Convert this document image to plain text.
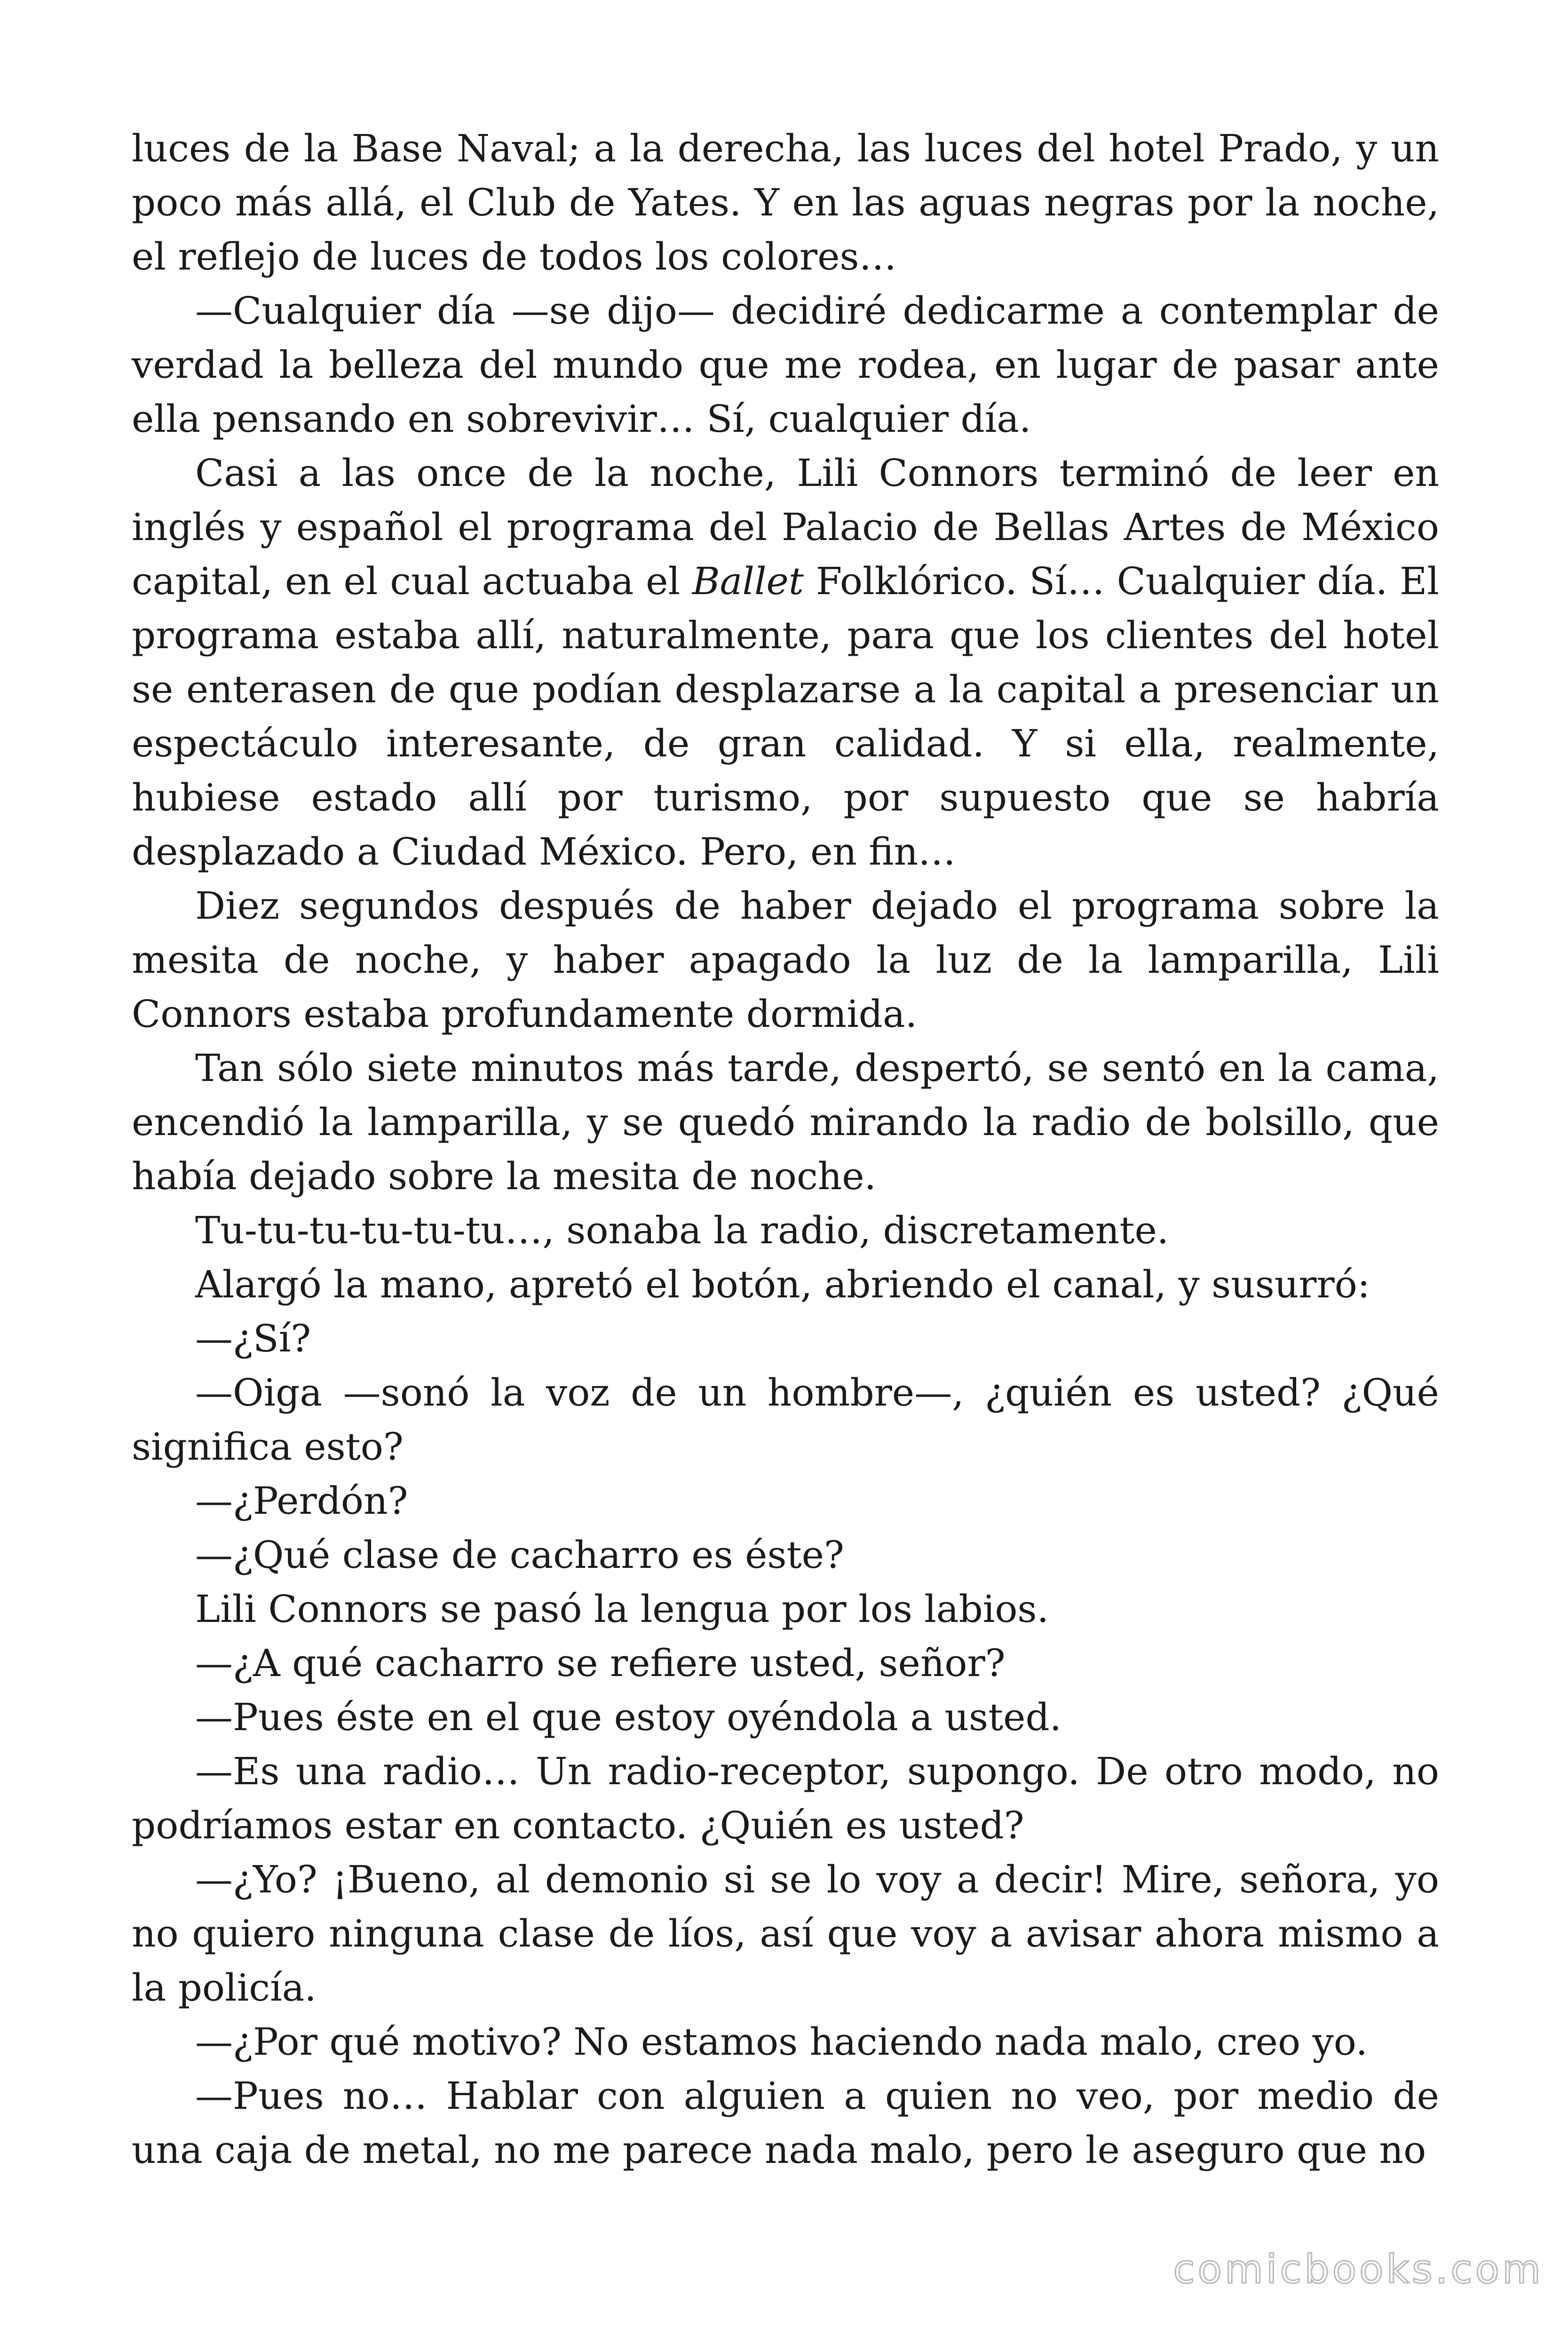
luces de la Base Naval; a la derecha, las luces del hotel Prado, y un poco más allá, el Club de Yates. Y en las aguas negras por la noche, el reflejo de luces de todos los colores…

—Cualquier día —se dijo— decidiré dedicarme a contemplar de verdad la belleza del mundo que me rodea, en lugar de pasar ante ella pensando en sobrevivir… Sí, cualquier día.

Casi a las once de la noche, Lili Connors terminó de leer en inglés y español el programa del Palacio de Bellas Artes de México capital, en el cual actuaba el Ballet Folklórico. Sí… Cualquier día. El programa estaba allí, naturalmente, para que los clientes del hotel se enterasen de que podían desplazarse a la capital a presenciar un espectáculo interesante, de gran calidad. Y si ella, realmente, hubiese estado allí por turismo, por supuesto que se habría desplazado a Ciudad México. Pero, en fin…

Diez segundos después de haber dejado el programa sobre la mesita de noche, y haber apagado la luz de la lamparilla, Lili Connors estaba profundamente dormida.

Tan sólo siete minutos más tarde, despertó, se sentó en la cama, encendió la lamparilla, y se quedó mirando la radio de bolsillo, que había dejado sobre la mesita de noche.

Tu-tu-tu-tu-tu-tu…, sonaba la radio, discretamente.

Alargó la mano, apretó el botón, abriendo el canal, y susurró:

—¿Sí?

—Oiga —sonó la voz de un hombre—, ¿quién es usted? ¿Qué significa esto?

—¿Perdón?

—¿Qué clase de cacharro es éste?

Lili Connors se pasó la lengua por los labios.

—¿A qué cacharro se refiere usted, señor?

—Pues éste en el que estoy oyéndola a usted.

—Es una radio… Un radio-receptor, supongo. De otro modo, no podríamos estar en contacto. ¿Quién es usted?

—¿Yo? ¡Bueno, al demonio si se lo voy a decir! Mire, señora, yo no quiero ninguna clase de líos, así que voy a avisar ahora mismo a la policía.

—¿Por qué motivo? No estamos haciendo nada malo, creo yo.

—Pues no… Hablar con alguien a quien no veo, por medio de una caja de metal, no me parece nada malo, pero le aseguro que no

comicbooks.com
